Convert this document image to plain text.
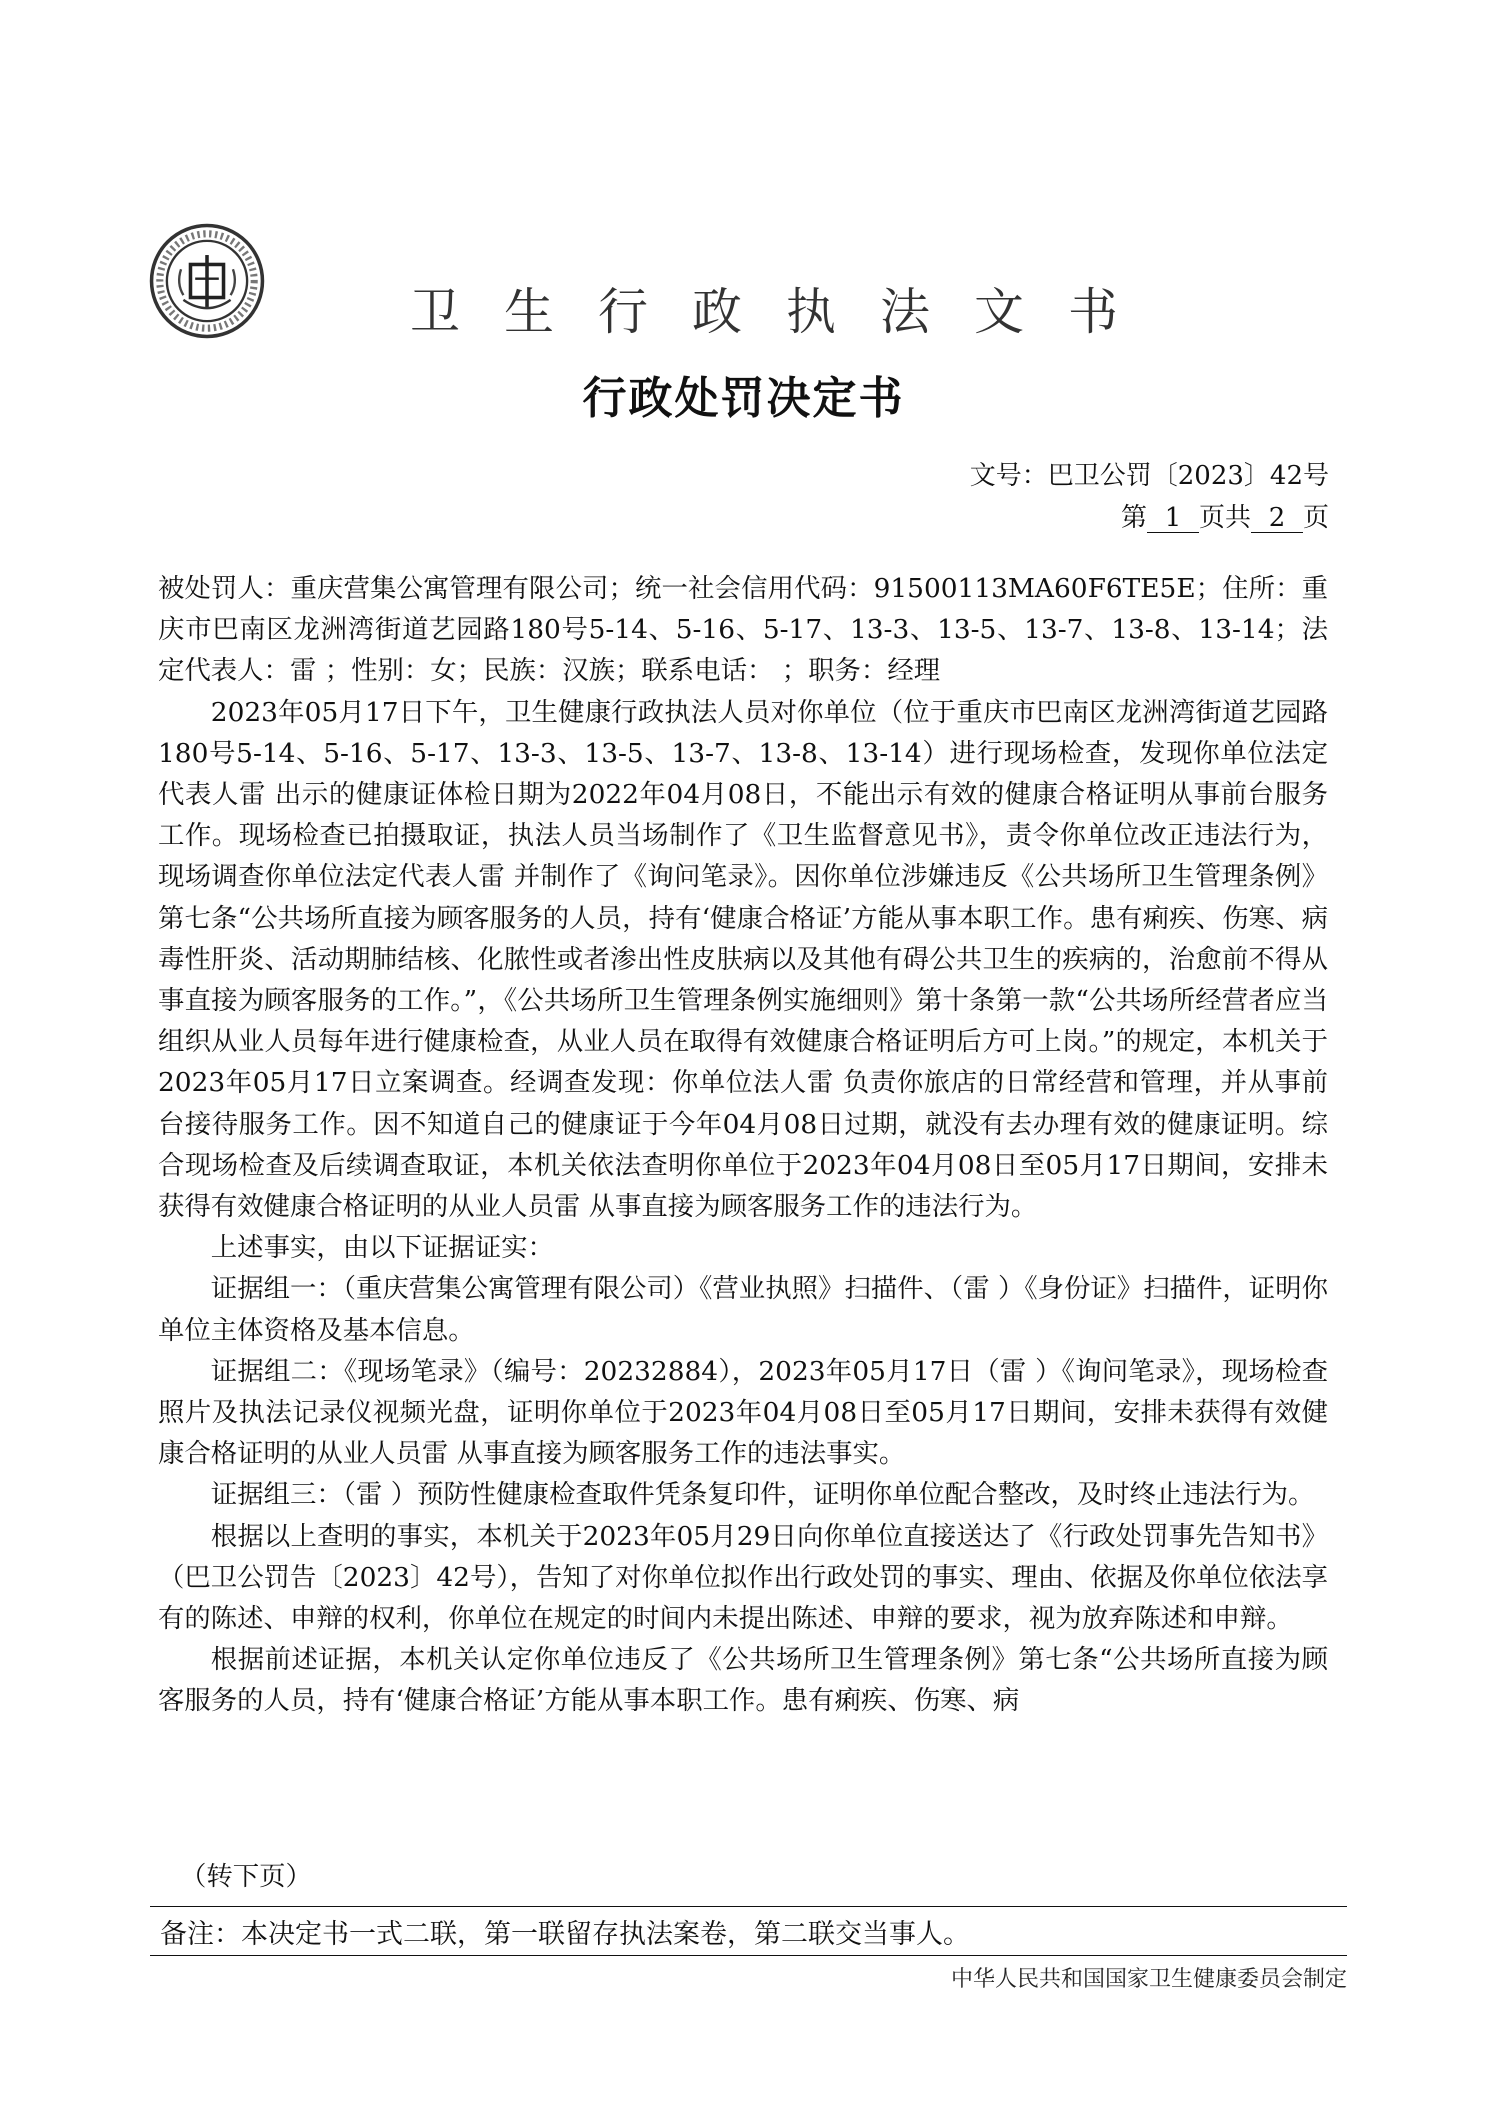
卫生行政执法文书
行政处罚决定书
文号：巴卫公罚〔2023〕42号
第 1 页共 2 页

被处罚人：重庆营集公寓管理有限公司；统一社会信用代码：91500113MA60F6TE5E；住所：重庆市巴南区龙洲湾街道艺园路180号5-14、5-16、5-17、13-3、13-5、13-7、13-8、13-14；法定代表人：雷 ；性别：女；民族：汉族；联系电话： ；职务：经理

2023年05月17日下午，卫生健康行政执法人员对你单位（位于重庆市巴南区龙洲湾街道艺园路180号5-14、5-16、5-17、13-3、13-5、13-7、13-8、13-14）进行现场检查，发现你单位法定代表人雷 出示的健康证体检日期为2022年04月08日，不能出示有效的健康合格证明从事前台服务工作。现场检查已拍摄取证，执法人员当场制作了《卫生监督意见书》，责令你单位改正违法行为，现场调查你单位法定代表人雷 并制作了《询问笔录》。因你单位涉嫌违反《公共场所卫生管理条例》第七条“公共场所直接为顾客服务的人员，持有‘健康合格证’方能从事本职工作。患有痢疾、伤寒、病毒性肝炎、活动期肺结核、化脓性或者渗出性皮肤病以及其他有碍公共卫生的疾病的，治愈前不得从事直接为顾客服务的工作。”，《公共场所卫生管理条例实施细则》第十条第一款“公共场所经营者应当组织从业人员每年进行健康检查，从业人员在取得有效健康合格证明后方可上岗。”的规定，本机关于2023年05月17日立案调查。经调查发现：你单位法人雷 负责你旅店的日常经营和管理，并从事前台接待服务工作。因不知道自己的健康证于今年04月08日过期，就没有去办理有效的健康证明。综合现场检查及后续调查取证，本机关依法查明你单位于2023年04月08日至05月17日期间，安排未获得有效健康合格证明的从业人员雷 从事直接为顾客服务工作的违法行为。

上述事实，由以下证据证实：

证据组一：（重庆营集公寓管理有限公司）《营业执照》扫描件、（雷 ）《身份证》扫描件，证明你单位主体资格及基本信息。

证据组二：《现场笔录》（编号：20232884），2023年05月17日（雷 ）《询问笔录》，现场检查照片及执法记录仪视频光盘，证明你单位于2023年04月08日至05月17日期间，安排未获得有效健康合格证明的从业人员雷 从事直接为顾客服务工作的违法事实。

证据组三：（雷 ）预防性健康检查取件凭条复印件，证明你单位配合整改，及时终止违法行为。

根据以上查明的事实，本机关于2023年05月29日向你单位直接送达了《行政处罚事先告知书》（巴卫公罚告〔2023〕42号），告知了对你单位拟作出行政处罚的事实、理由、依据及你单位依法享有的陈述、申辩的权利，你单位在规定的时间内未提出陈述、申辩的要求，视为放弃陈述和申辩。

根据前述证据，本机关认定你单位违反了《公共场所卫生管理条例》第七条“公共场所直接为顾客服务的人员，持有‘健康合格证’方能从事本职工作。患有痢疾、伤寒、病

（转下页）
备注：本决定书一式二联，第一联留存执法案卷，第二联交当事人。
中华人民共和国国家卫生健康委员会制定
